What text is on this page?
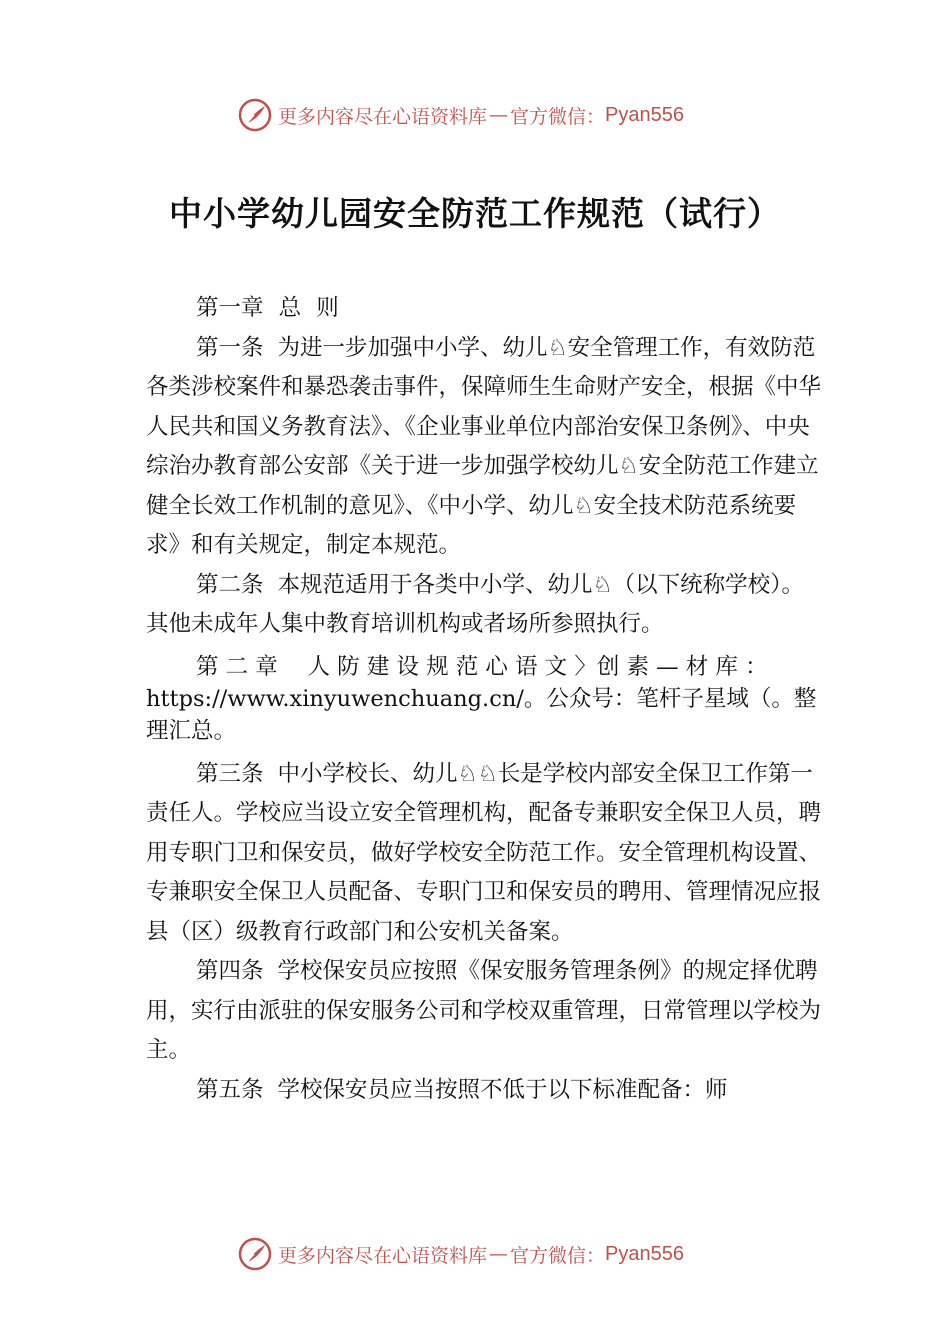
更多内容尽在心语资料库 — 官方微信： Pyan556
中小学幼儿园安全防范工作规范（试行）

第一章 总 则

第一条 为进一步加强中小学、幼儿♘安全管理工作，有效防范各类涉校案件和暴恐袭击事件，保障师生生命财产安全，根据《中华人民共和国义务教育法》、《企业事业单位内部治安保卫条例》、中央综治办教育部公安部《关于进一步加强学校幼儿♘安全防范工作建立健全长效工作机制的意见》、《中小学、幼儿♘安全技术防范系统要求》和有关规定，制定本规范。

第二条 本规范适用于各类中小学、幼儿♘（以下统称学校）。其他未成年人集中教育培训机构或者场所参照执行。

第 二 章　 人 防 建 设 规 范 心 语 文 〉创 素 — 材 库 ：https://www.xinyuwenchuang.cn/。公众号：笔杆子星域（。整理汇总。

第三条 中小学校长、幼儿♘♘长是学校内部安全保卫工作第一责任人。学校应当设立安全管理机构，配备专兼职安全保卫人员，聘用专职门卫和保安员，做好学校安全防范工作。安全管理机构设置、专兼职安全保卫人员配备、专职门卫和保安员的聘用、管理情况应报县（区）级教育行政部门和公安机关备案。

第四条 学校保安员应按照《保安服务管理条例》的规定择优聘用，实行由派驻的保安服务公司和学校双重管理，日常管理以学校为主。

第五条 学校保安员应当按照不低于以下标准配备：师

更多内容尽在心语资料库 — 官方微信： Pyan556
